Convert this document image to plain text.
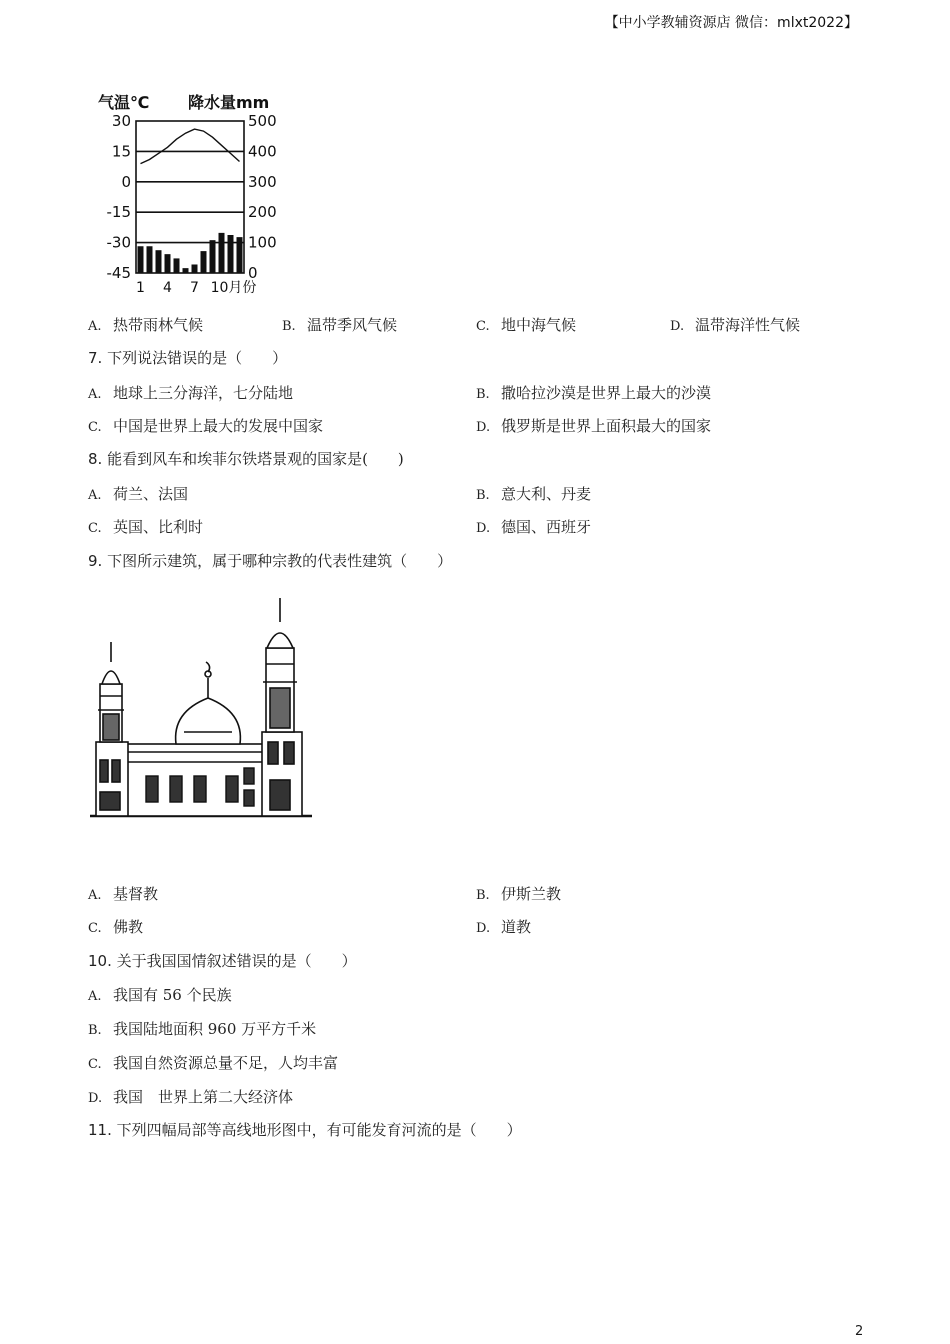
【中小学教辅资源店 微信：mlxt2022】
气温℃ 降水量mm
30
15
0
-15
-30
-45
500
400
300
200
100
0
1 4 7 10月份
A. 热带雨林气候	B. 温带季风气候	C. 地中海气候	D. 温带海洋性气候
7. 下列说法错误的是（　　）
A. 地球上三分海洋，七分陆地	B. 撒哈拉沙漠是世界上最大的沙漠
C. 中国是世界上最大的发展中国家	D. 俄罗斯是世界上面积最大的国家
8. 能看到风车和埃菲尔铁塔景观的国家是(　　)
A. 荷兰、法国	B. 意大利、丹麦
C. 英国、比利时	D. 德国、西班牙
9. 下图所示建筑，属于哪种宗教的代表性建筑（　　）
A. 基督教	B. 伊斯兰教
C. 佛教	D. 道教
10. 关于我国国情叙述错误的是（　　）
A. 我国有 56 个民族
B. 我国陆地面积 960 万平方千米
C. 我国自然资源总量不足，人均丰富
D. 我国　世界上第二大经济体
11. 下列四幅局部等高线地形图中，有可能发育河流的是（　　）
2
